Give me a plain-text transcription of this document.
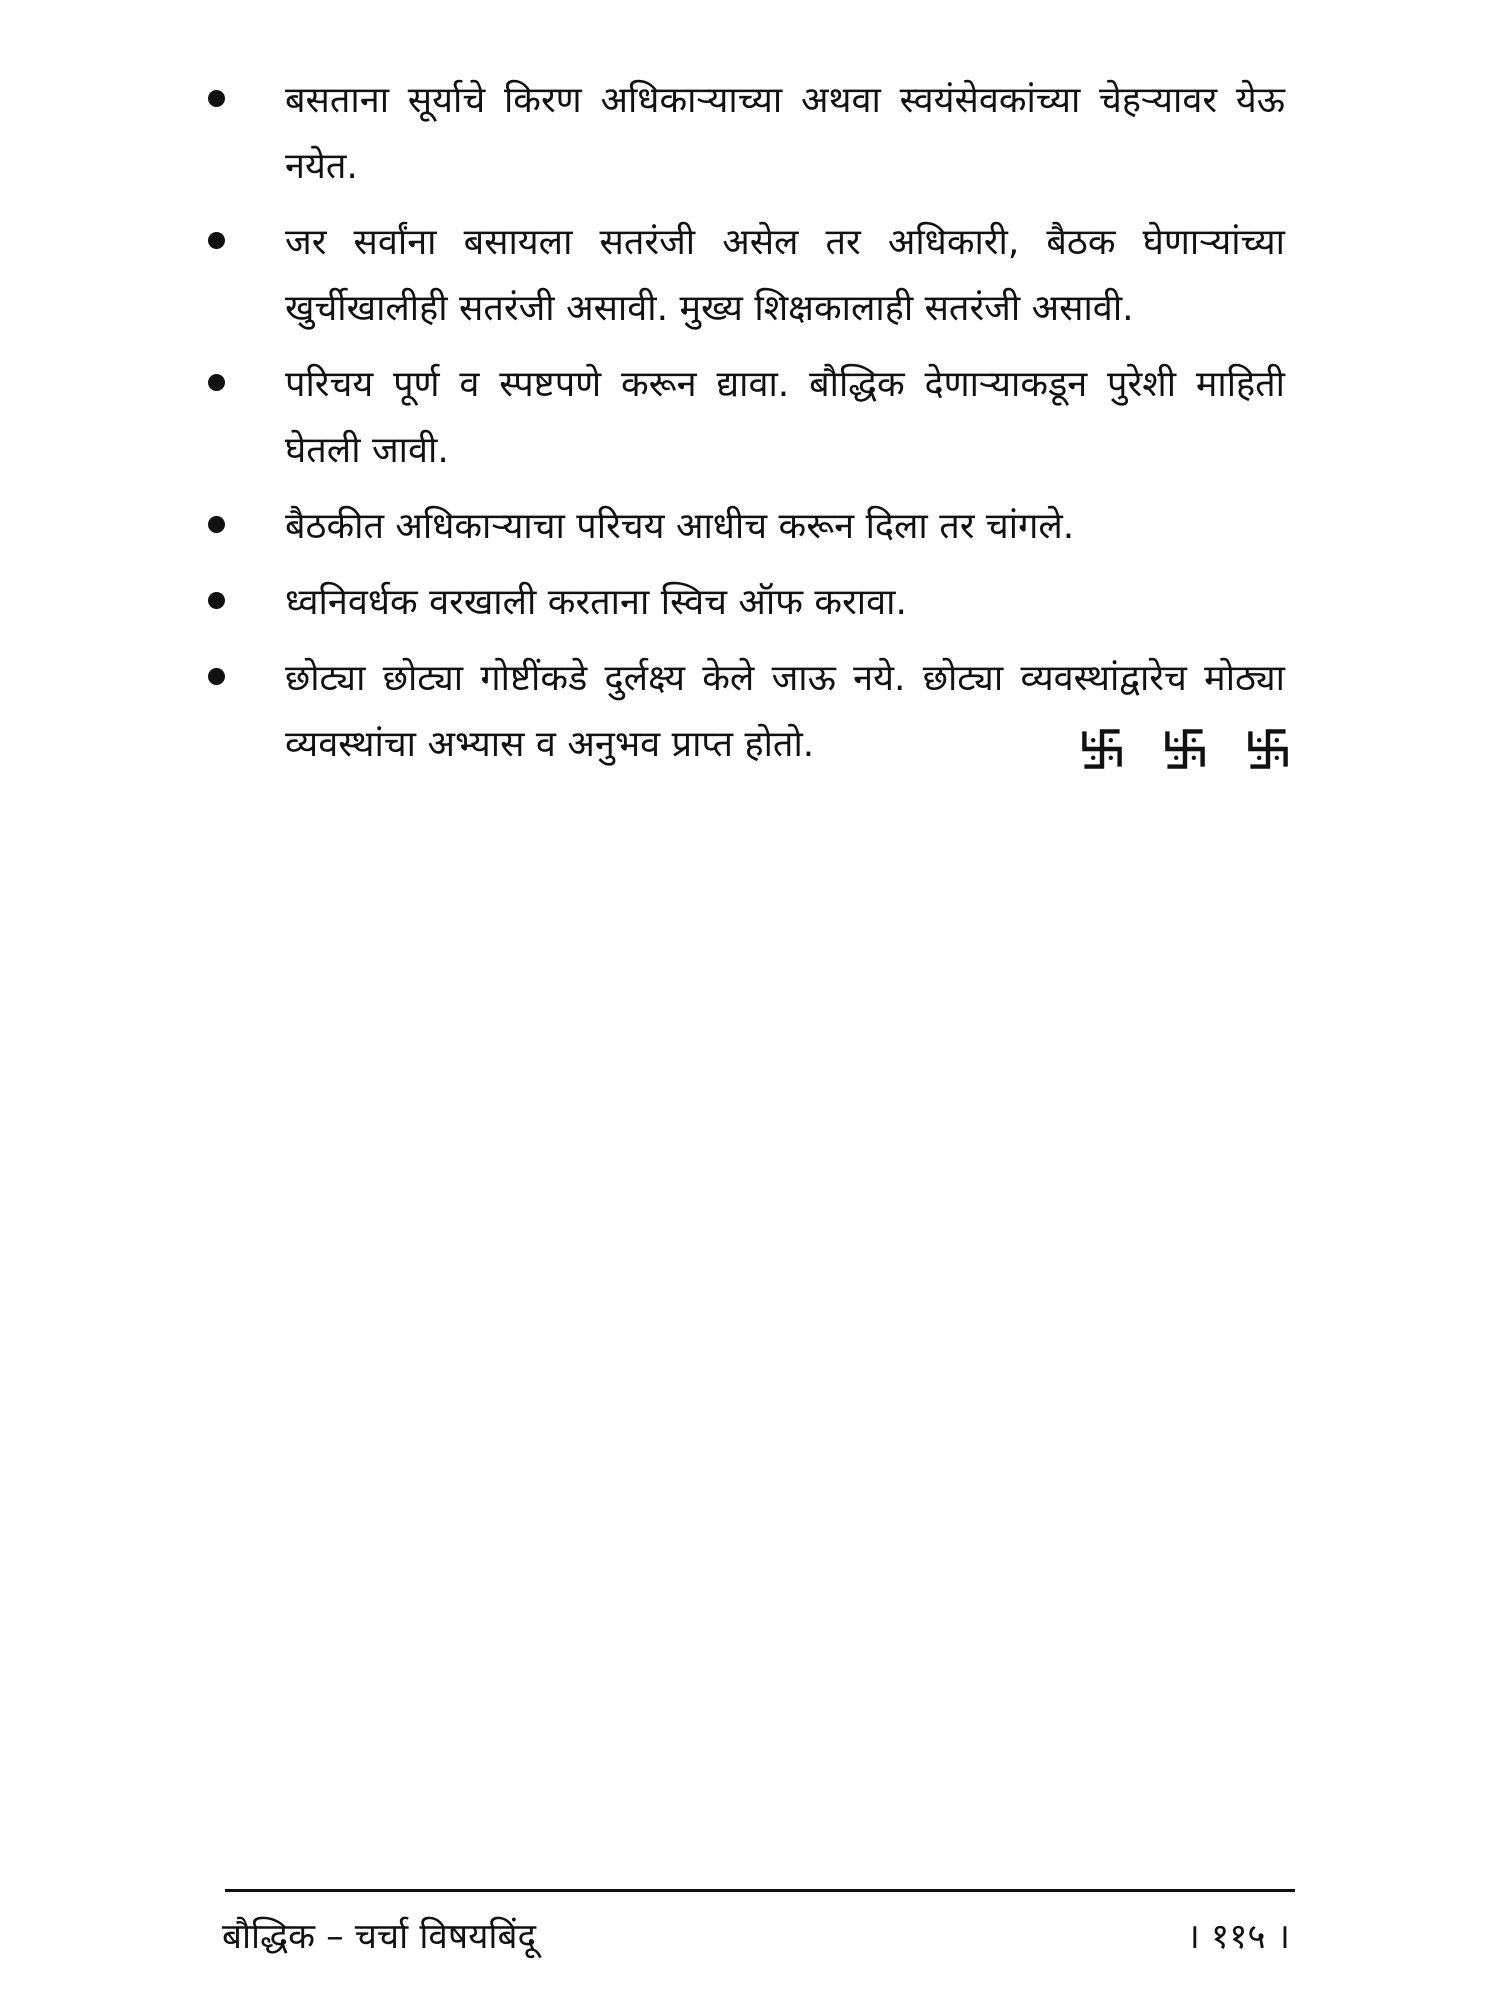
बसताना सूर्याचे किरण अधिकाऱ्याच्या अथवा स्वयंसेवकांच्या चेहऱ्यावर येऊ नयेत.
जर सर्वांना बसायला सतरंजी असेल तर अधिकारी, बैठक घेणाऱ्यांच्या खुर्चीखालीही सतरंजी असावी. मुख्य शिक्षकालाही सतरंजी असावी.
परिचय पूर्ण व स्पष्टपणे करून द्यावा. बौद्धिक देणाऱ्याकडून पुरेशी माहिती घेतली जावी.
बैठकीत अधिकाऱ्याचा परिचय आधीच करून दिला तर चांगले.
ध्वनिवर्धक वरखाली करताना स्विच ऑफ करावा.
छोट्या छोट्या गोष्टींकडे दुर्लक्ष्य केले जाऊ नये. छोट्या व्यवस्थांद्वारेच मोठ्या व्यवस्थांचा अभ्यास व अनुभव प्राप्त होतो.
बौद्धिक – चर्चा विषयबिंदू	। ११५ ।
